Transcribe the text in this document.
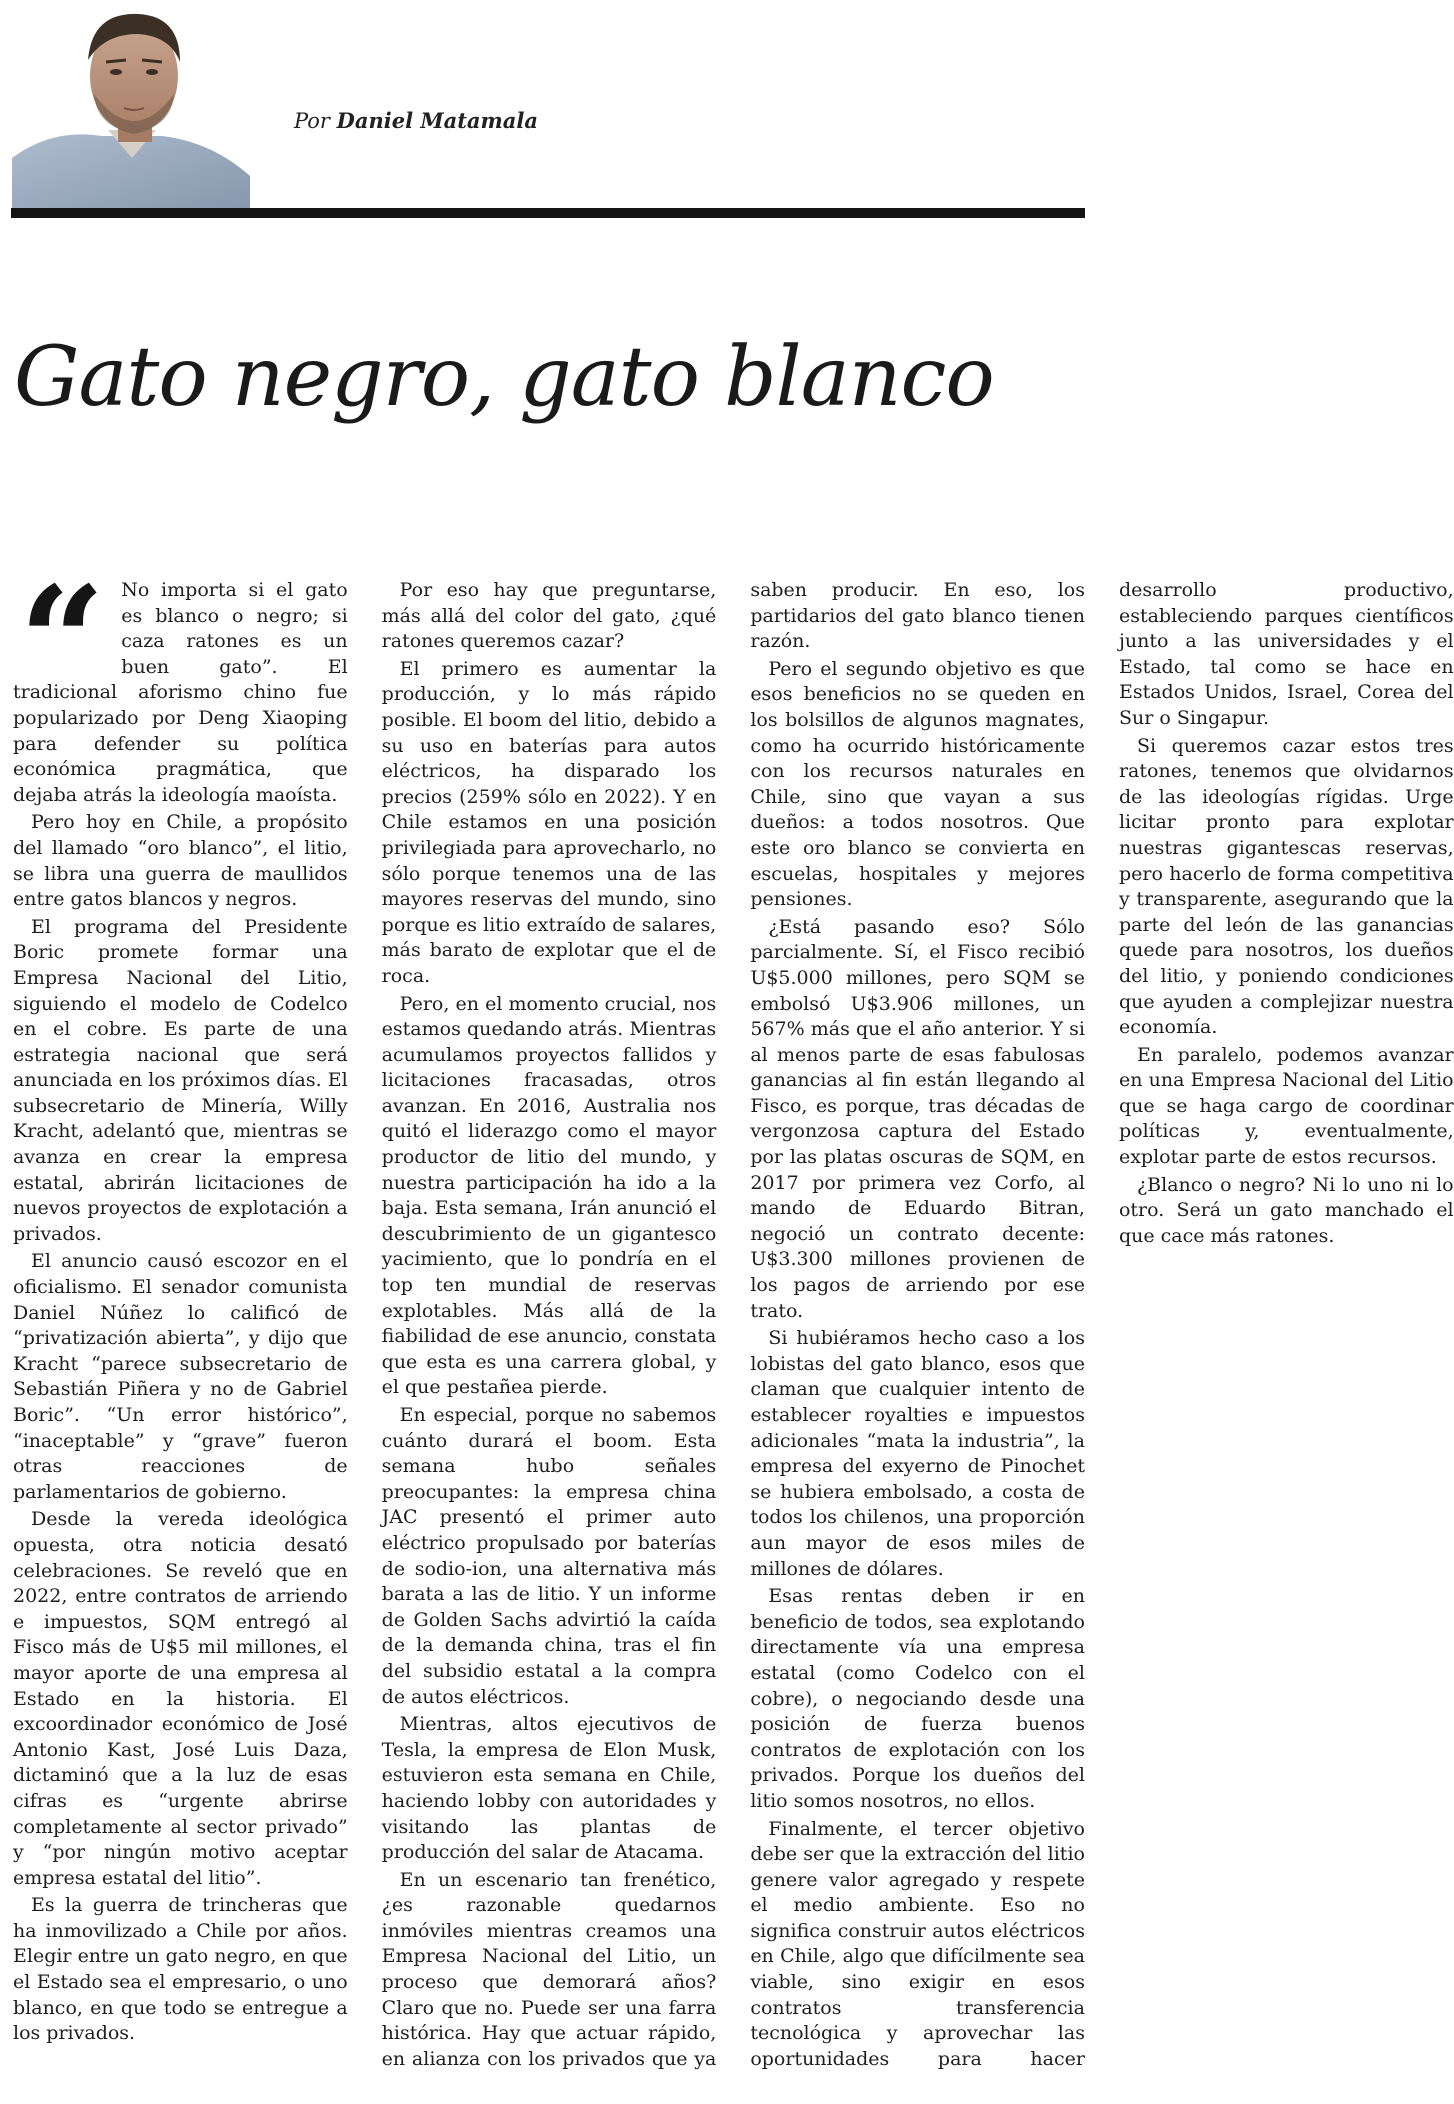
Por Daniel Matamala
Gato negro, gato blanco

“ No importa si el gato es blanco o negro; si caza ratones es un buen gato”. El tradicional aforismo chino fue popularizado por Deng Xiaoping para defender su política económica pragmática, que dejaba atrás la ideología maoísta.

Pero hoy en Chile, a propósito del llamado “oro blanco”, el litio, se libra una guerra de maullidos entre gatos blancos y negros.

El programa del Presidente Boric promete formar una Empresa Nacional del Litio, siguiendo el modelo de Codelco en el cobre. Es parte de una estrategia nacional que será anunciada en los próximos días. El subsecretario de Minería, Willy Kracht, adelantó que, mientras se avanza en crear la empresa estatal, abrirán licitaciones de nuevos proyectos de explotación a privados.

El anuncio causó escozor en el oficialismo. El senador comunista Daniel Núñez lo calificó de “privatización abierta”, y dijo que Kracht “parece subsecretario de Sebastián Piñera y no de Gabriel Boric”. “Un error histórico”, “inaceptable” y “grave” fueron otras reacciones de parlamentarios de gobierno.

Desde la vereda ideológica opuesta, otra noticia desató celebraciones. Se reveló que en 2022, entre contratos de arriendo e impuestos, SQM entregó al Fisco más de U$5 mil millones, el mayor aporte de una empresa al Estado en la historia. El excoordinador económico de José Antonio Kast, José Luis Daza, dictaminó que a la luz de esas cifras es “urgente abrirse completamente al sector privado” y “por ningún motivo aceptar empresa estatal del litio”.

Es la guerra de trincheras que ha inmovilizado a Chile por años. Elegir entre un gato negro, en que el Estado sea el empresario, o uno blanco, en que todo se entregue a los privados.

Por eso hay que preguntarse, más allá del color del gato, ¿qué ratones queremos cazar?

El primero es aumentar la producción, y lo más rápido posible. El boom del litio, debido a su uso en baterías para autos eléctricos, ha disparado los precios (259% sólo en 2022). Y en Chile estamos en una posición privilegiada para aprovecharlo, no sólo porque tenemos una de las mayores reservas del mundo, sino porque es litio extraído de salares, más barato de explotar que el de roca.

Pero, en el momento crucial, nos estamos quedando atrás. Mientras acumulamos proyectos fallidos y licitaciones fracasadas, otros avanzan. En 2016, Australia nos quitó el liderazgo como el mayor productor de litio del mundo, y nuestra participación ha ido a la baja. Esta semana, Irán anunció el descubrimiento de un gigantesco yacimiento, que lo pondría en el top ten mundial de reservas explotables. Más allá de la fiabilidad de ese anuncio, constata que esta es una carrera global, y el que pestañea pierde.

En especial, porque no sabemos cuánto durará el boom. Esta semana hubo señales preocupantes: la empresa china JAC presentó el primer auto eléctrico propulsado por baterías de sodio-ion, una alternativa más barata a las de litio. Y un informe de Golden Sachs advirtió la caída de la demanda china, tras el fin del subsidio estatal a la compra de autos eléctricos.

Mientras, altos ejecutivos de Tesla, la empresa de Elon Musk, estuvieron esta semana en Chile, haciendo lobby con autoridades y visitando las plantas de producción del salar de Atacama.

En un escenario tan frenético, ¿es razonable quedarnos inmóviles mientras creamos una Empresa Nacional del Litio, un proceso que demorará años? Claro que no. Puede ser una farra histórica. Hay que actuar rápido, en alianza con los privados que ya saben producir. En eso, los partidarios del gato blanco tienen razón.

Pero el segundo objetivo es que esos beneficios no se queden en los bolsillos de algunos magnates, como ha ocurrido históricamente con los recursos naturales en Chile, sino que vayan a sus dueños: a todos nosotros. Que este oro blanco se convierta en escuelas, hospitales y mejores pensiones.

¿Está pasando eso? Sólo parcialmente. Sí, el Fisco recibió U$5.000 millones, pero SQM se embolsó U$3.906 millones, un 567% más que el año anterior. Y si al menos parte de esas fabulosas ganancias al fin están llegando al Fisco, es porque, tras décadas de vergonzosa captura del Estado por las platas oscuras de SQM, en 2017 por primera vez Corfo, al mando de Eduardo Bitran, negoció un contrato decente: U$3.300 millones provienen de los pagos de arriendo por ese trato.

Si hubiéramos hecho caso a los lobistas del gato blanco, esos que claman que cualquier intento de establecer royalties e impuestos adicionales “mata la industria”, la empresa del exyerno de Pinochet se hubiera embolsado, a costa de todos los chilenos, una proporción aun mayor de esos miles de millones de dólares.

Esas rentas deben ir en beneficio de todos, sea explotando directamente vía una empresa estatal (como Codelco con el cobre), o negociando desde una posición de fuerza buenos contratos de explotación con los privados. Porque los dueños del litio somos nosotros, no ellos.

Finalmente, el tercer objetivo debe ser que la extracción del litio genere valor agregado y respete el medio ambiente. Eso no significa construir autos eléctricos en Chile, algo que difícilmente sea viable, sino exigir en esos contratos transferencia tecnológica y aprovechar las oportunidades para hacer desarrollo productivo, estableciendo parques científicos junto a las universidades y el Estado, tal como se hace en Estados Unidos, Israel, Corea del Sur o Singapur.

Si queremos cazar estos tres ratones, tenemos que olvidarnos de las ideologías rígidas. Urge licitar pronto para explotar nuestras gigantescas reservas, pero hacerlo de forma competitiva y transparente, asegurando que la parte del león de las ganancias quede para nosotros, los dueños del litio, y poniendo condiciones que ayuden a complejizar nuestra economía.

En paralelo, podemos avanzar en una Empresa Nacional del Litio que se haga cargo de coordinar políticas y, eventualmente, explotar parte de estos recursos.

¿Blanco o negro? Ni lo uno ni lo otro. Será un gato manchado el que cace más ratones.
